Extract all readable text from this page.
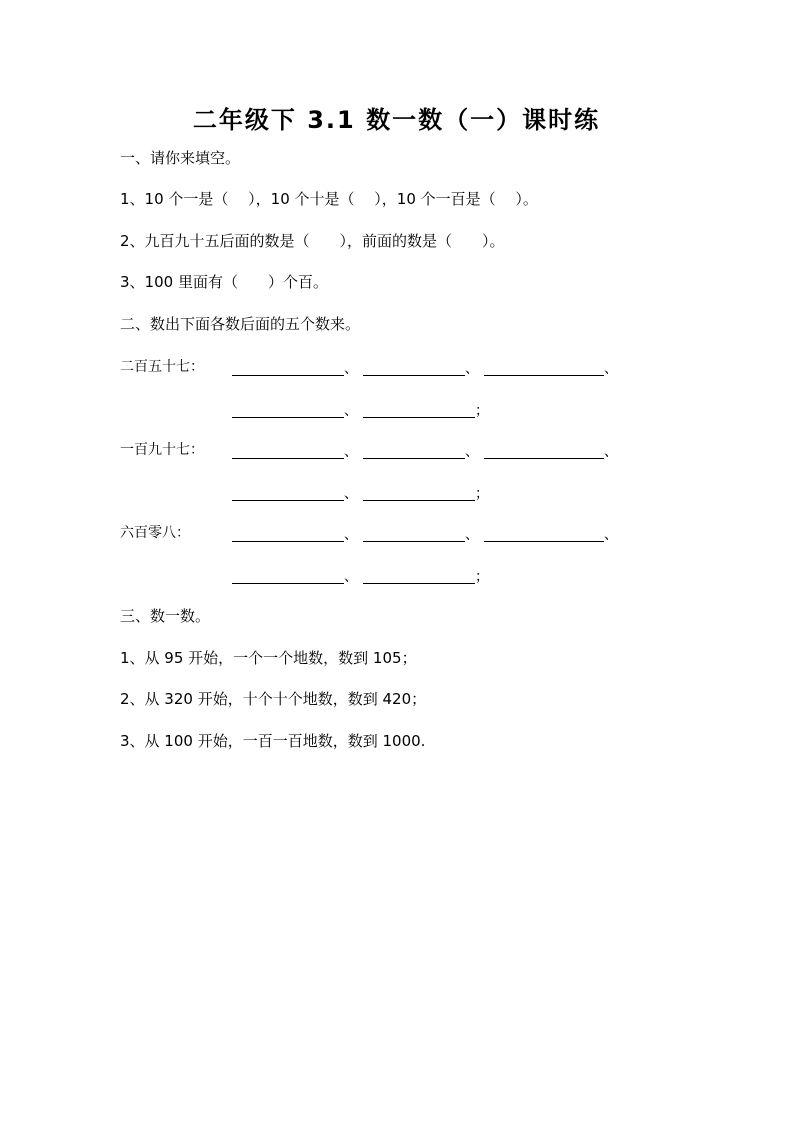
二年级下 3.1 数一数（一）课时练
一、请你来填空。
1、10 个一是（　 ），10 个十是（　 ），10 个一百是（　 ）。
2、九百九十五后面的数是（　　），前面的数是（　　）。
3、100 里面有（　　）个百。
二、数出下面各数后面的五个数来。
二百五十七：	、	、	、
、	；
一百九十七：	、	、	、
、	；
六百零八：	、	、	、
、	；
三、数一数。
1、从 95 开始，一个一个地数，数到 105；
2、从 320 开始，十个十个地数，数到 420；
3、从 100 开始，一百一百地数，数到 1000.
